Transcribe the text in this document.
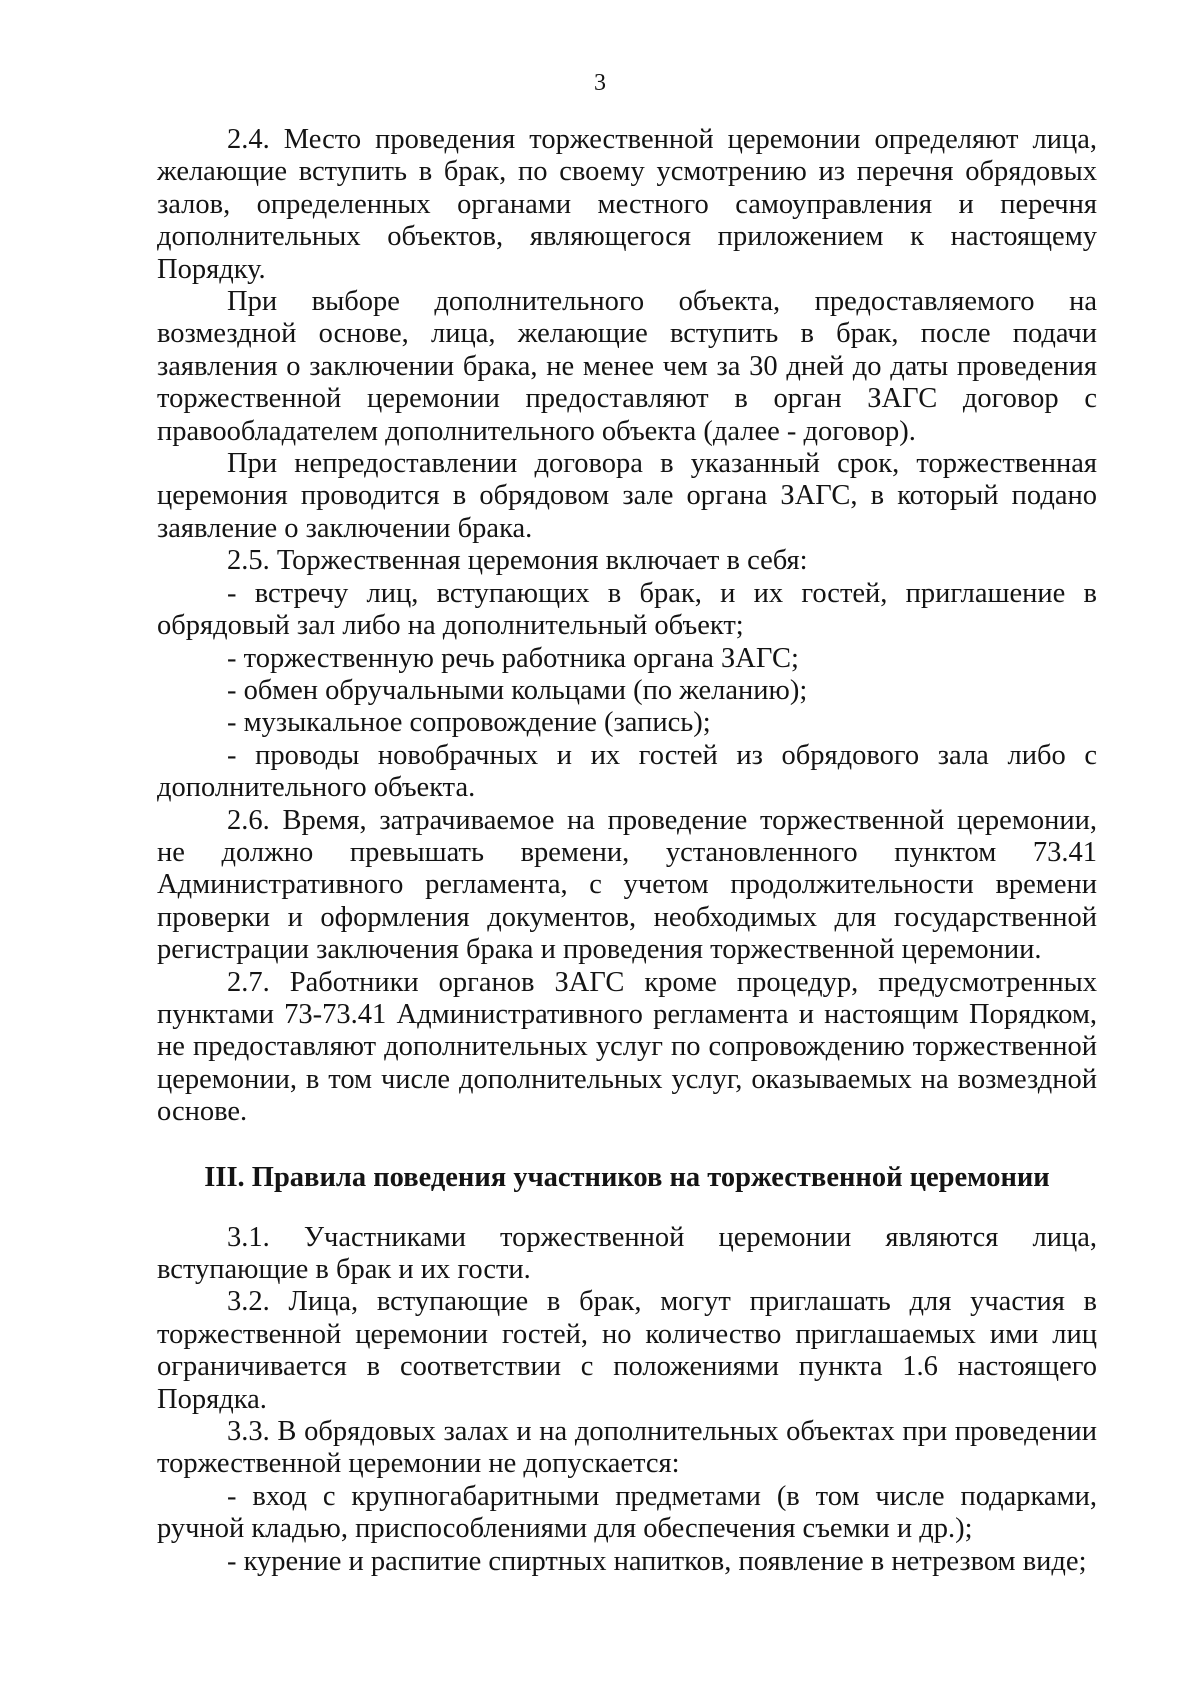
3

2.4. Место проведения торжественной церемонии определяют лица, желающие вступить в брак, по своему усмотрению из перечня обрядовых залов, определенных органами местного самоуправления и перечня дополнительных объектов, являющегося приложением к настоящему Порядку.

При выборе дополнительного объекта, предоставляемого на возмездной основе, лица, желающие вступить в брак, после подачи заявления о заключении брака, не менее чем за 30 дней до даты проведения торжественной церемонии предоставляют в орган ЗАГС договор с правообладателем дополнительного объекта (далее - договор).

При непредоставлении договора в указанный срок, торжественная церемония проводится в обрядовом зале органа ЗАГС, в который подано заявление о заключении брака.

2.5. Торжественная церемония включает в себя:

- встречу лиц, вступающих в брак, и их гостей, приглашение в обрядовый зал либо на дополнительный объект;

- торжественную речь работника органа ЗАГС;

- обмен обручальными кольцами (по желанию);

- музыкальное сопровождение (запись);

- проводы новобрачных и их гостей из обрядового зала либо с дополнительного объекта.

2.6. Время, затрачиваемое на проведение торжественной церемонии, не должно превышать времени, установленного пунктом 73.41 Административного регламента, с учетом продолжительности времени проверки и оформления документов, необходимых для государственной регистрации заключения брака и проведения торжественной церемонии.

2.7. Работники органов ЗАГС кроме процедур, предусмотренных пунктами 73-73.41 Административного регламента и настоящим Порядком, не предоставляют дополнительных услуг по сопровождению торжественной церемонии, в том числе дополнительных услуг, оказываемых на возмездной основе.

III. Правила поведения участников на торжественной церемонии

3.1. Участниками торжественной церемонии являются лица, вступающие в брак и их гости.

3.2. Лица, вступающие в брак, могут приглашать для участия в торжественной церемонии гостей, но количество приглашаемых ими лиц ограничивается в соответствии с положениями пункта 1.6 настоящего Порядка.

3.3. В обрядовых залах и на дополнительных объектах при проведении торжественной церемонии не допускается:

- вход с крупногабаритными предметами (в том числе подарками, ручной кладью, приспособлениями для обеспечения съемки и др.);

- курение и распитие спиртных напитков, появление в нетрезвом виде;
